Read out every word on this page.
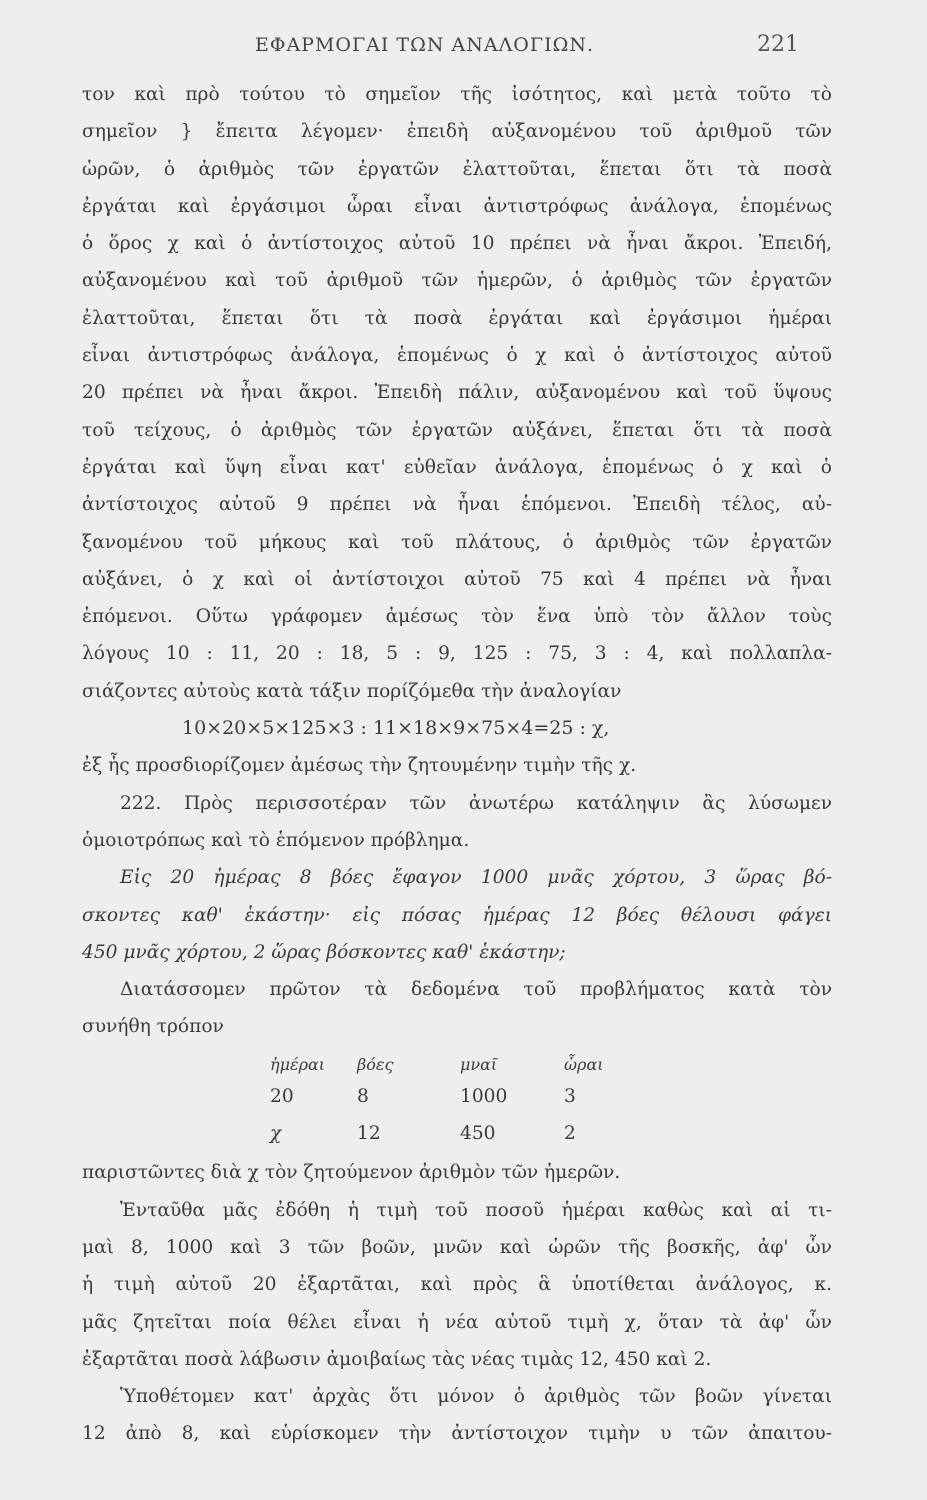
ΕΦΑΡΜΟΓΑΙ ΤΩΝ ΑΝΑΛΟΓΙΩΝ.	221
τον καὶ πρὸ τούτου τὸ σημεῖον τῆς ἰσότητος, καὶ μετὰ τοῦτο τὸ
σημεῖον } ἔπειτα λέγομεν· ἐπειδὴ αὐξανομένου τοῦ ἀριθμοῦ τῶν
ὡρῶν, ὁ ἀριθμὸς τῶν ἐργατῶν ἐλαττοῦται, ἕπεται ὅτι τὰ ποσὰ
ἐργάται καὶ ἐργάσιμοι ὧραι εἶναι ἀντιστρόφως ἀνάλογα, ἑπομένως
ὁ ὅρος χ καὶ ὁ ἀντίστοιχος αὐτοῦ 10 πρέπει νὰ ἦναι ἄκροι. Ἐπειδή,
αὐξανομένου καὶ τοῦ ἀριθμοῦ τῶν ἡμερῶν, ὁ ἀριθμὸς τῶν ἐργατῶν
ἐλαττοῦται, ἕπεται ὅτι τὰ ποσὰ ἐργάται καὶ ἐργάσιμοι ἡμέραι
εἶναι ἀντιστρόφως ἀνάλογα, ἑπομένως ὁ χ καὶ ὁ ἀντίστοιχος αὐτοῦ
20 πρέπει νὰ ἦναι ἄκροι. Ἐπειδὴ πάλιν, αὐξανομένου καὶ τοῦ ὕψους
τοῦ τείχους, ὁ ἀριθμὸς τῶν ἐργατῶν αὐξάνει, ἕπεται ὅτι τὰ ποσὰ
ἐργάται καὶ ὕψη εἶναι κατ' εὐθεῖαν ἀνάλογα, ἑπομένως ὁ χ καὶ ὁ
ἀντίστοιχος αὐτοῦ 9 πρέπει νὰ ἦναι ἑπόμενοι. Ἐπειδὴ τέλος, αὐ-
ξανομένου τοῦ μήκους καὶ τοῦ πλάτους, ὁ ἀριθμὸς τῶν ἐργατῶν
αὐξάνει, ὁ χ καὶ οἱ ἀντίστοιχοι αὐτοῦ 75 καὶ 4 πρέπει νὰ ἦναι
ἑπόμενοι. Οὕτω γράφομεν ἀμέσως τὸν ἕνα ὑπὸ τὸν ἄλλον τοὺς
λόγους 10 : 11, 20 : 18, 5 : 9, 125 : 75, 3 : 4, καὶ πολλαπλα-
σιάζοντες αὐτοὺς κατὰ τάξιν πορίζόμεθα τὴν ἀναλογίαν
10×20×5×125×3 : 11×18×9×75×4=25 : χ,
ἐξ ἧς προσδιορίζομεν ἀμέσως τὴν ζητουμένην τιμὴν τῆς χ.
222. Πρὸς περισσοτέραν τῶν ἀνωτέρω κατάληψιν ἂς λύσωμεν
ὁμοιοτρόπως καὶ τὸ ἑπόμενον πρόβλημα.
Εἰς 20 ἡμέρας 8 βόες ἔφαγον 1000 μνᾶς χόρτου, 3 ὥρας βό-
σκοντες καθ' ἑκάστην· εἰς πόσας ἡμέρας 12 βόες θέλουσι φάγει
450 μνᾶς χόρτου, 2 ὥρας βόσκοντες καθ' ἑκάστην;
Διατάσσομεν πρῶτον τὰ δεδομένα τοῦ προβλήματος κατὰ τὸν
συνήθη τρόπον
ἡμέραι βόες	μναῖ	ὧραι
20	8	1000	3
χ	12	450	2
παριστῶντες διὰ χ τὸν ζητούμενον ἀριθμὸν τῶν ἡμερῶν.
Ἐνταῦθα μᾶς ἐδόθη ἡ τιμὴ τοῦ ποσοῦ ἡμέραι καθὼς καὶ αἱ τι-
μαὶ 8, 1000 καὶ 3 τῶν βοῶν, μνῶν καὶ ὡρῶν τῆς βοσκῆς, ἀφ' ὧν
ἡ τιμὴ αὐτοῦ 20 ἐξαρτᾶται, καὶ πρὸς ἃ ὑποτίθεται ἀνάλογος, κ.
μᾶς ζητεῖται ποία θέλει εἶναι ἡ νέα αὐτοῦ τιμὴ χ, ὅταν τὰ ἀφ' ὧν
ἐξαρτᾶται ποσὰ λάβωσιν ἀμοιβαίως τὰς νέας τιμὰς 12, 450 καὶ 2.
Ὑποθέτομεν κατ' ἀρχὰς ὅτι μόνον ὁ ἀριθμὸς τῶν βοῶν γίνεται
12 ἀπὸ 8, καὶ εὑρίσκομεν τὴν ἀντίστοιχον τιμὴν υ τῶν ἀπαιτου-
